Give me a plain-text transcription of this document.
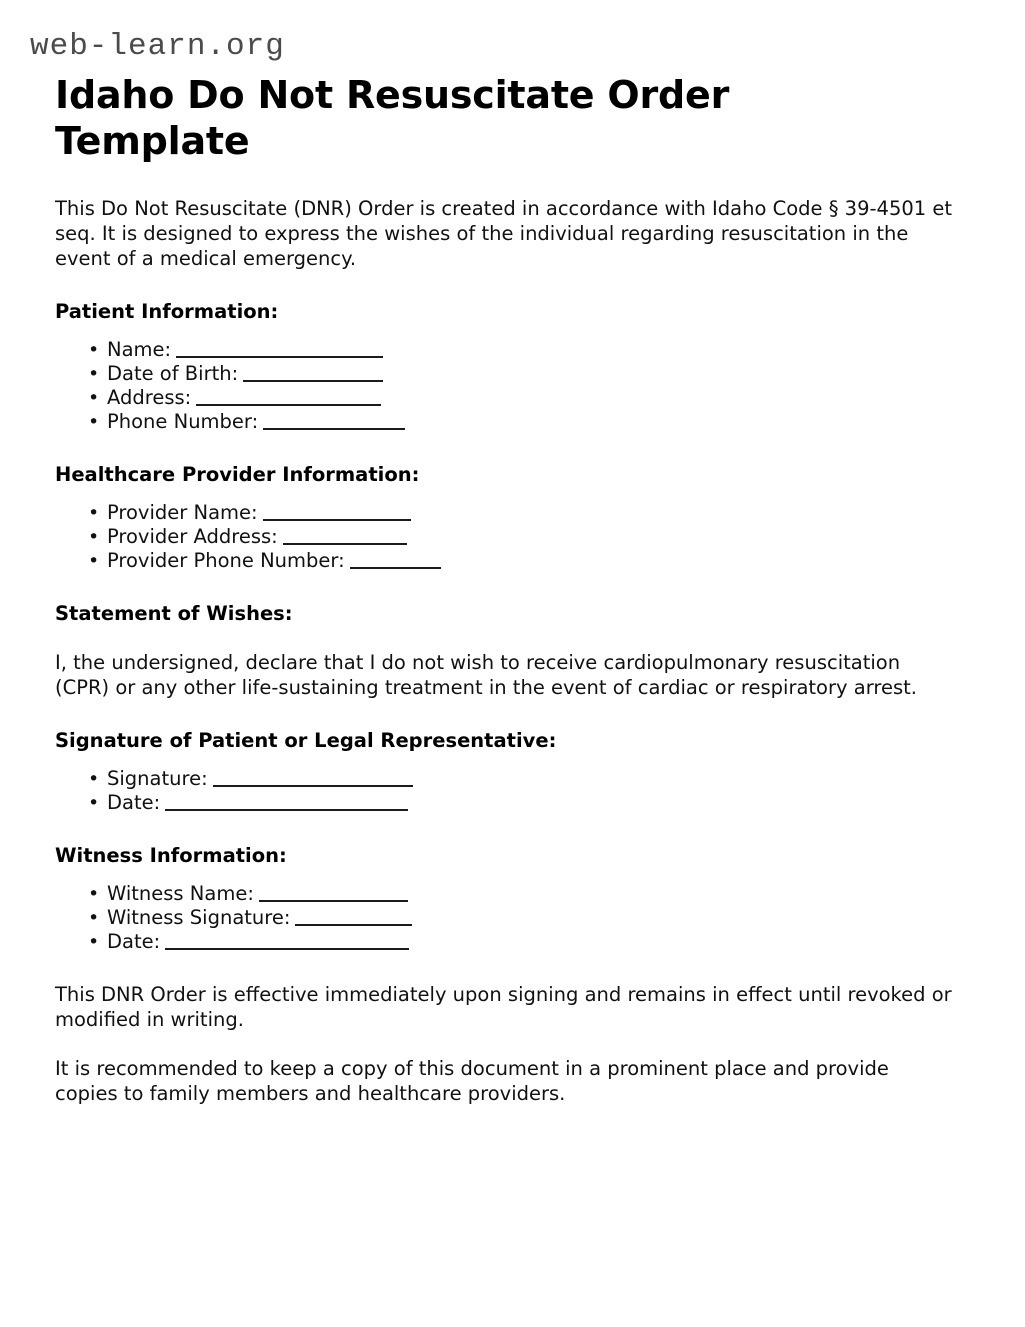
web-learn.org
Idaho Do Not Resuscitate Order Template

This Do Not Resuscitate (DNR) Order is created in accordance with Idaho Code § 39-4501 et seq. It is designed to express the wishes of the individual regarding resuscitation in the event of a medical emergency.

Patient Information:
• Name:
• Date of Birth:
• Address:
• Phone Number:
Healthcare Provider Information:
• Provider Name:
• Provider Address:
• Provider Phone Number:
Statement of Wishes:

I, the undersigned, declare that I do not wish to receive cardiopulmonary resuscitation (CPR) or any other life-sustaining treatment in the event of cardiac or respiratory arrest.

Signature of Patient or Legal Representative:
• Signature:
• Date:
Witness Information:
• Witness Name:
• Witness Signature:
• Date:

This DNR Order is effective immediately upon signing and remains in effect until revoked or modified in writing.

It is recommended to keep a copy of this document in a prominent place and provide copies to family members and healthcare providers.
